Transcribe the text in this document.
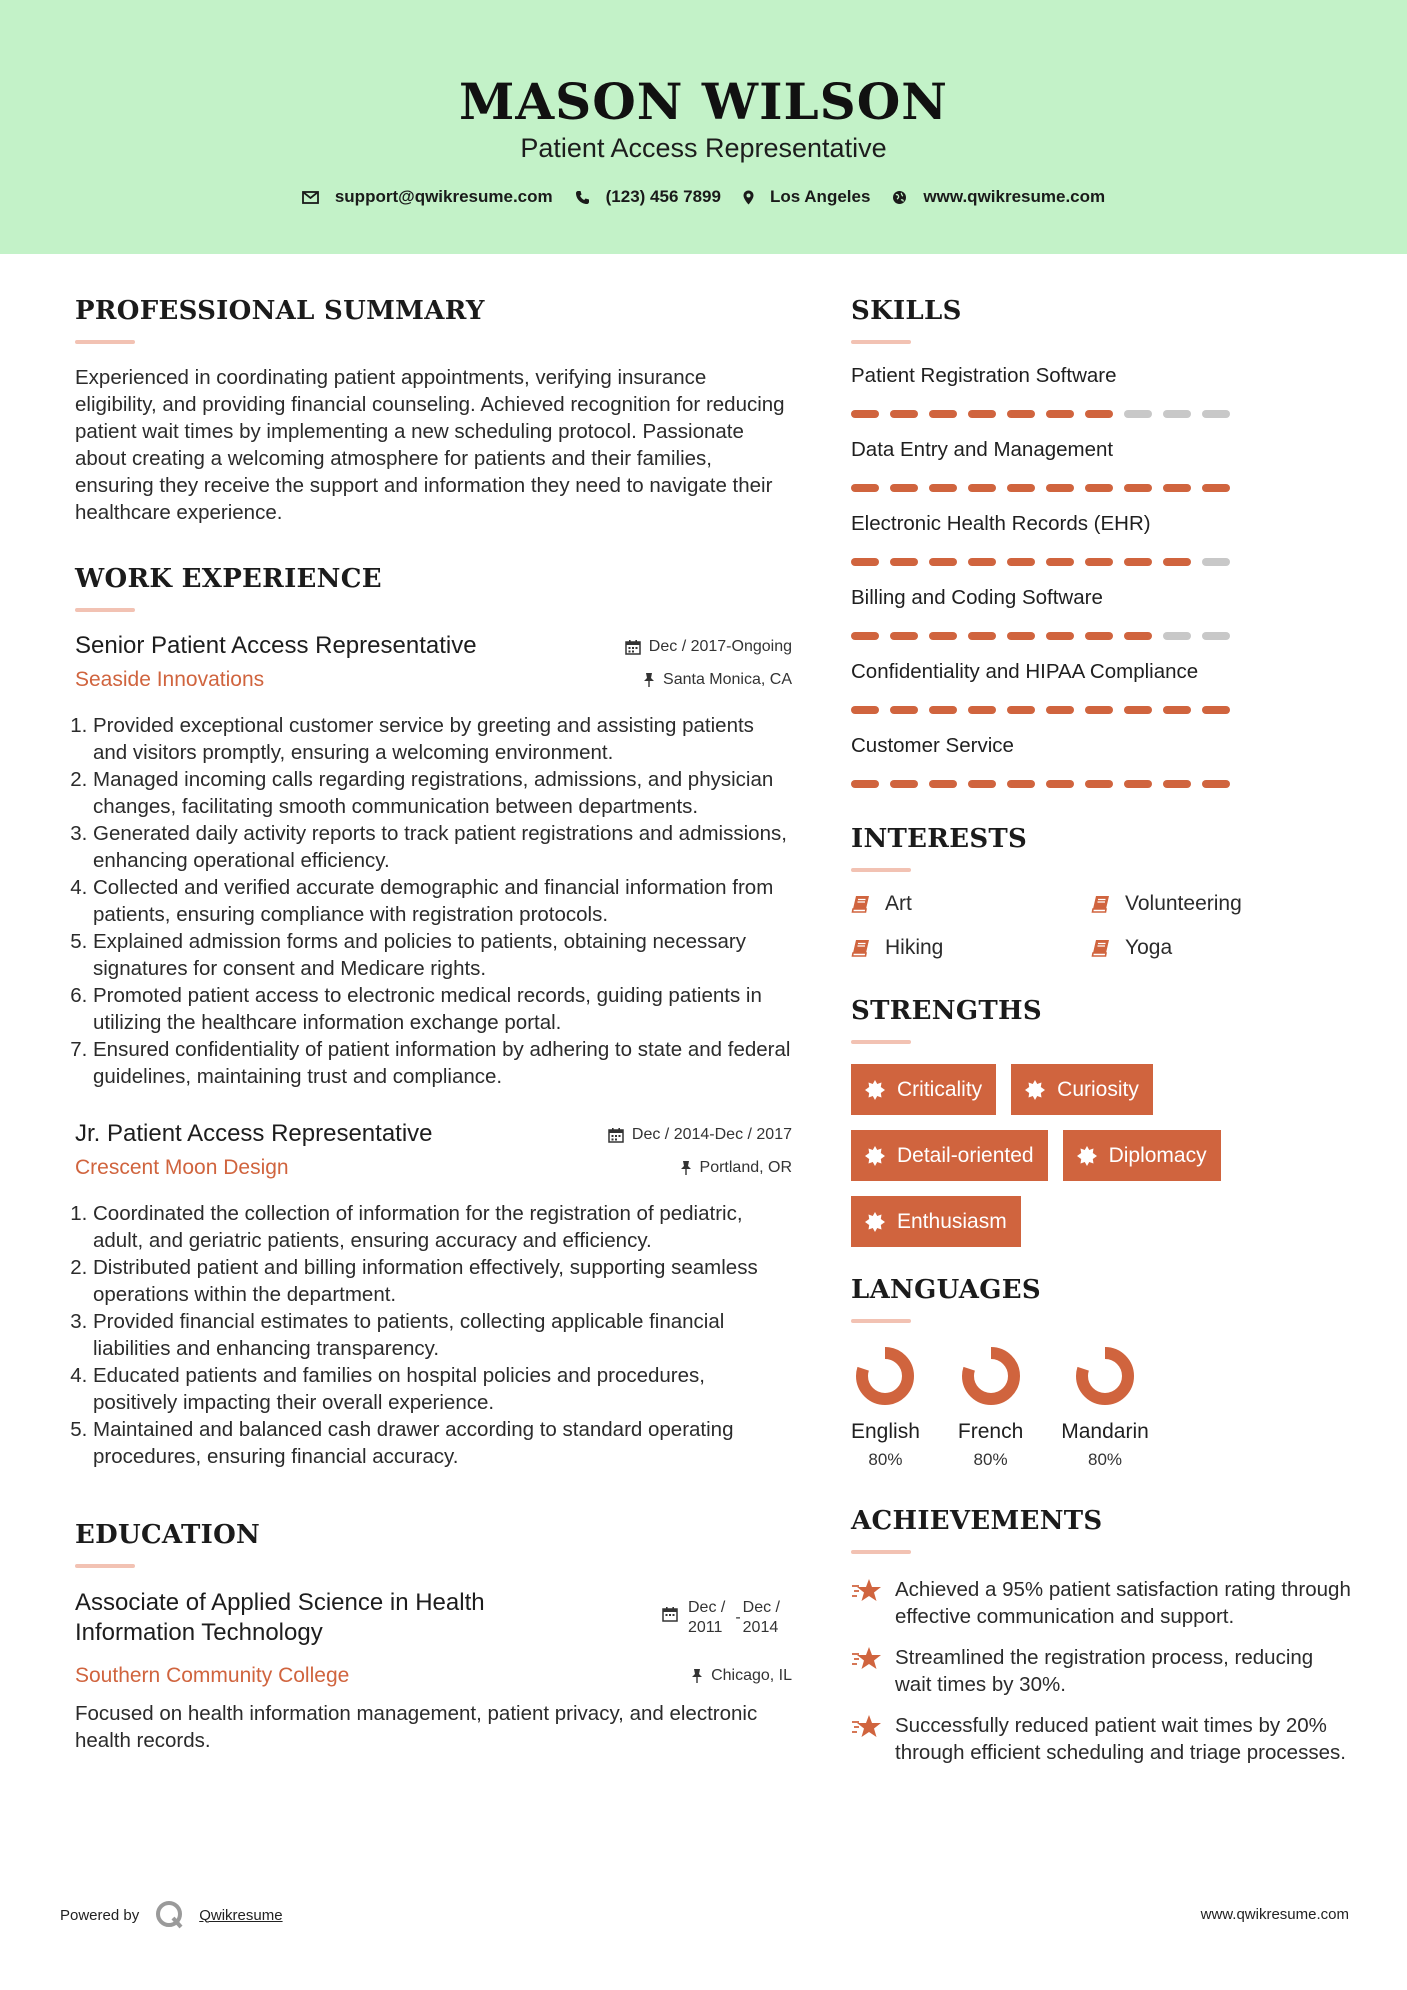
MASON WILSON
Patient Access Representative
support@qwikresume.com	(123) 456 7899	Los Angeles	www.qwikresume.com
PROFESSIONAL SUMMARY
Experienced in coordinating patient appointments, verifying insurance eligibility, and providing financial counseling. Achieved recognition for reducing patient wait times by implementing a new scheduling protocol. Passionate about creating a welcoming atmosphere for patients and their families, ensuring they receive the support and information they need to navigate their healthcare experience.
WORK EXPERIENCE
Senior Patient Access Representative	Dec / 2017-Ongoing
Seaside Innovations	Santa Monica, CA
1. Provided exceptional customer service by greeting and assisting patients and visitors promptly, ensuring a welcoming environment.
2. Managed incoming calls regarding registrations, admissions, and physician changes, facilitating smooth communication between departments.
3. Generated daily activity reports to track patient registrations and admissions, enhancing operational efficiency.
4. Collected and verified accurate demographic and financial information from patients, ensuring compliance with registration protocols.
5. Explained admission forms and policies to patients, obtaining necessary signatures for consent and Medicare rights.
6. Promoted patient access to electronic medical records, guiding patients in utilizing the healthcare information exchange portal.
7. Ensured confidentiality of patient information by adhering to state and federal guidelines, maintaining trust and compliance.
Jr. Patient Access Representative	Dec / 2014-Dec / 2017
Crescent Moon Design	Portland, OR
1. Coordinated the collection of information for the registration of pediatric, adult, and geriatric patients, ensuring accuracy and efficiency.
2. Distributed patient and billing information effectively, supporting seamless operations within the department.
3. Provided financial estimates to patients, collecting applicable financial liabilities and enhancing transparency.
4. Educated patients and families on hospital policies and procedures, positively impacting their overall experience.
5. Maintained and balanced cash drawer according to standard operating procedures, ensuring financial accuracy.
EDUCATION
Associate of Applied Science in Health Information Technology
Dec /
2011
-
Dec /
2014
Southern Community College	Chicago, IL
Focused on health information management, patient privacy, and electronic health records.
SKILLS
Patient Registration Software
Data Entry and Management
Electronic Health Records (EHR)
Billing and Coding Software
Confidentiality and HIPAA Compliance
Customer Service
INTERESTS
Art	Volunteering
Hiking	Yoga
STRENGTHS
Criticality	Curiosity
Detail-oriented	Diplomacy
Enthusiasm
LANGUAGES
English
80%
French
80%
Mandarin
80%
ACHIEVEMENTS
Achieved a 95% patient satisfaction rating through effective communication and support.
Streamlined the registration process, reducing wait times by 30%.
Successfully reduced patient wait times by 20% through efficient scheduling and triage processes.
Powered by	Qwikresume	www.qwikresume.com
